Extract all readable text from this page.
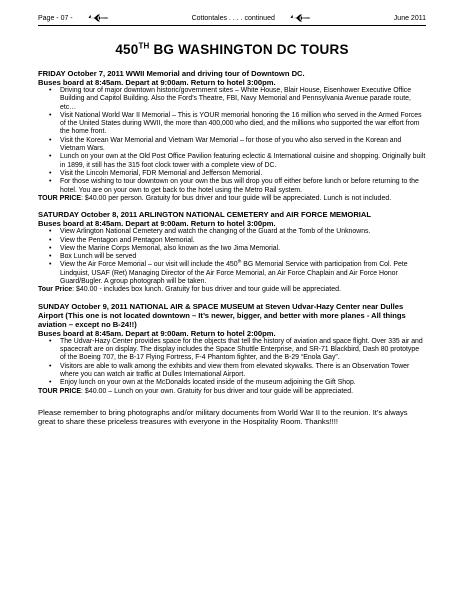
Page - 07 -	Cottontales . . . . continued	June 2011
450TH BG WASHINGTON DC TOURS
FRIDAY October 7, 2011 WWII Memorial and driving tour of Downtown DC.
Buses board at 8:45am. Depart at 9:00am. Return to hotel 3:00pm.
• Driving tour of major downtown historic/government sites – White House, Blair House, Eisenhower Executive Office Building and Capitol Building. Also the Ford’s Theatre, FBI, Navy Memorial and Pennsylvania Avenue parade route, etc…
• Visit National World War II Memorial – This is YOUR memorial honoring the 16 million who served in the Armed Forces of the United States during WWII, the more than 400,000 who died, and the millions who supported the war effort from the home front.
• Visit the Korean War Memorial and Vietnam War Memorial – for those of you who also served in the Korean and Vietnam Wars.
• Lunch on your own at the Old Post Office Pavilion featuring eclectic & International cuisine and shopping. Originally built in 1899, it still has the 315 foot clock tower with a complete view of DC.
• Visit the Lincoln Memorial, FDR Memorial and Jefferson Memorial.
• For those wishing to tour downtown on your own the bus will drop you off either before lunch or before returning to the hotel. You are on your own to get back to the hotel using the Metro Rail system.
TOUR PRICE: $40.00 per person. Gratuity for bus driver and tour guide will be appreciated. Lunch is not included.
SATURDAY October 8, 2011 ARLINGTON NATIONAL CEMETERY and AIR FORCE MEMORIAL
Buses board at 8:45am. Depart at 9:00am. Return to hotel 3:00pm.
• View Arlington National Cemetery and watch the changing of the Guard at the Tomb of the Unknowns.
• View the Pentagon and Pentagon Memorial.
• View the Marine Corps Memorial, also known as the Iwo Jima Memorial.
• Box Lunch will be served
• View the Air Force Memorial – our visit will include the 450th BG Memorial Service with participation from Col. Pete Lindquist, USAF (Ret) Managing Director of the Air Force Memorial, an Air Force Chaplain and Air Force Honor Guard/Bugler. A group photograph will be taken.
Tour Price: $40.00 - includes box lunch. Gratuity for bus driver and tour guide will be appreciated.
SUNDAY October 9, 2011 NATIONAL AIR & SPACE MUSEUM at Steven Udvar-Hazy Center near Dulles Airport (This one is not located downtown – It’s newer, bigger, and better with more planes - All things aviation – except no B-24!!)
Buses board at 8:45am. Depart at 9:00am. Return to hotel 2:00pm.
• The Udvar-Hazy Center provides space for the objects that tell the history of aviation and space flight. Over 335 air and spacecraft are on display. The display includes the Space Shuttle Enterprise, and SR-71 Blackbird, Dash 80 prototype of the Boeing 707, the B-17 Flying Fortress, F-4 Phantom fighter, and the B-29 “Enola Gay”.
• Visitors are able to walk among the exhibits and view them from elevated skywalks. There is an Observation Tower where you can watch air traffic at Dulles International Airport.
• Enjoy lunch on your own at the McDonalds located inside of the museum adjoining the Gift Shop.
TOUR PRICE: $40.00 – Lunch on your own. Gratuity for bus driver and tour guide will be appreciated.
Please remember to bring photographs and/or military documents from World War II to the reunion. It’s always great to share these priceless treasures with everyone in the Hospitality Room. Thanks!!!!
